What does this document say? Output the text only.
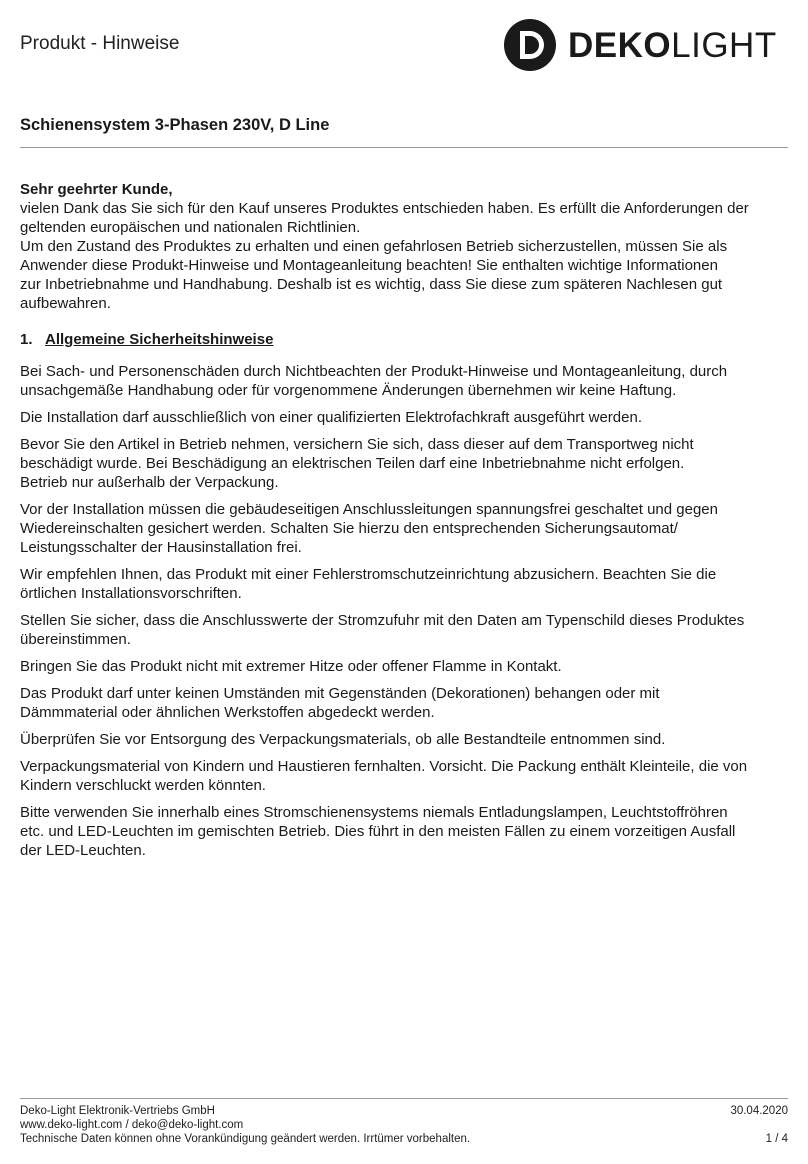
Produkt - Hinweise	DEKOLIGHT
Schienensystem 3-Phasen 230V, D Line

Sehr geehrter Kunde,

vielen Dank das Sie sich für den Kauf unseres Produktes entschieden haben. Es erfüllt die Anforderungen der
geltenden europäischen und nationalen Richtlinien.
Um den Zustand des Produktes zu erhalten und einen gefahrlosen Betrieb sicherzustellen, müssen Sie als
Anwender diese Produkt-Hinweise und Montageanleitung beachten! Sie enthalten wichtige Informationen
zur Inbetriebnahme und Handhabung. Deshalb ist es wichtig, dass Sie diese zum späteren Nachlesen gut
aufbewahren.

1. Allgemeine Sicherheitshinweise

Bei Sach- und Personenschäden durch Nichtbeachten der Produkt-Hinweise und Montageanleitung, durch
unsachgemäße Handhabung oder für vorgenommene Änderungen übernehmen wir keine Haftung.

Die Installation darf ausschließlich von einer qualifizierten Elektrofachkraft ausgeführt werden.

Bevor Sie den Artikel in Betrieb nehmen, versichern Sie sich, dass dieser auf dem Transportweg nicht
beschädigt wurde. Bei Beschädigung an elektrischen Teilen darf eine Inbetriebnahme nicht erfolgen.
Betrieb nur außerhalb der Verpackung.

Vor der Installation müssen die gebäudeseitigen Anschlussleitungen spannungsfrei geschaltet und gegen
Wiedereinschalten gesichert werden. Schalten Sie hierzu den entsprechenden Sicherungsautomat/
Leistungsschalter der Hausinstallation frei.

Wir empfehlen Ihnen, das Produkt mit einer Fehlerstromschutzeinrichtung abzusichern. Beachten Sie die
örtlichen Installationsvorschriften.

Stellen Sie sicher, dass die Anschlusswerte der Stromzufuhr mit den Daten am Typenschild dieses Produktes
übereinstimmen.

Bringen Sie das Produkt nicht mit extremer Hitze oder offener Flamme in Kontakt.

Das Produkt darf unter keinen Umständen mit Gegenständen (Dekorationen) behangen oder mit
Dämmmaterial oder ähnlichen Werkstoffen abgedeckt werden.

Überprüfen Sie vor Entsorgung des Verpackungsmaterials, ob alle Bestandteile entnommen sind.

Verpackungsmaterial von Kindern und Haustieren fernhalten. Vorsicht. Die Packung enthält Kleinteile, die von
Kindern verschluckt werden könnten.

Bitte verwenden Sie innerhalb eines Stromschienensystems niemals Entladungslampen, Leuchtstoffröhren
etc. und LED-Leuchten im gemischten Betrieb. Dies führt in den meisten Fällen zu einem vorzeitigen Ausfall
der LED-Leuchten.

Deko-Light Elektronik-Vertriebs GmbH	30.04.2020
www.deko-light.com / deko@deko-light.com
Technische Daten können ohne Vorankündigung geändert werden. Irrtümer vorbehalten.	1 / 4
